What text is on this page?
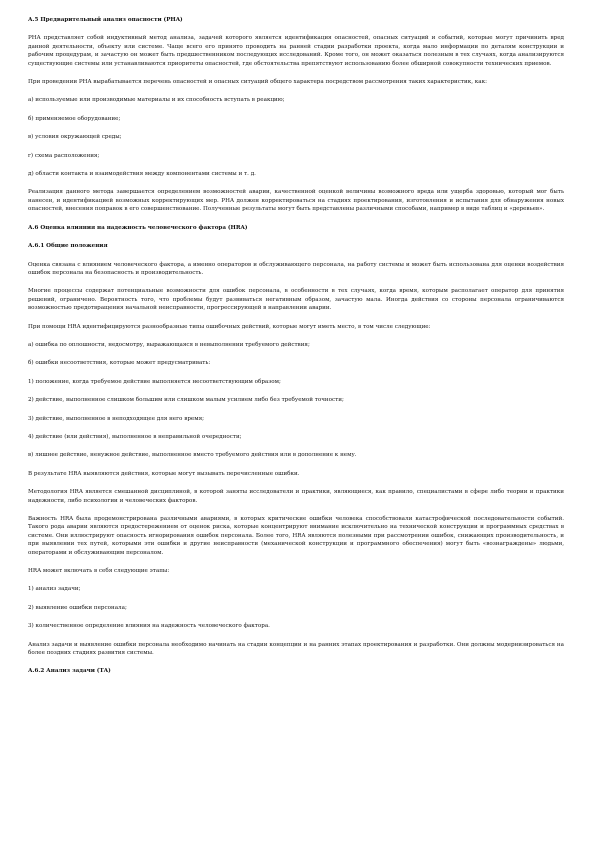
А.5 Предварительный анализ опасности (PHA)
PHA представляет собой индуктивный метод анализа, задачей которого является идентификация опасностей, опасных ситуаций и событий, которые могут причинить вред данной деятельности, объекту или системе. Чаще всего его принято проводить на ранней стадии разработки проекта, когда мало информации по деталям конструкции и рабочим процедурам, и зачастую он может быть предшественником последующих исследований. Кроме того, он может оказаться полезным в тех случаях, когда анализируются существующие системы или устанавливаются приоритеты опасностей, где обстоятельства препятствуют использованию более обширной совокупности технических приемов.
При проведении PHA вырабатывается перечень опасностей и опасных ситуаций общего характера посредством рассмотрения таких характеристик, как:
а) используемые или производимые материалы и их способность вступать в реакцию;
б) применяемое оборудование;
в) условия окружающей среды;
г) схема расположения;
д) области контакта и взаимодействия между компонентами системы и т. д.
Реализация данного метода завершается определением возможностей аварии, качественной оценкой величины возможного вреда или ущерба здоровью, который мог быть нанесен, и идентификацией возможных корректирующих мер. PHA должен корректироваться на стадиях проектирования, изготовления и испытания для обнаружения новых опасностей, внесения поправок в его совершенствование. Полученные результаты могут быть представлены различными способами, например в виде таблиц и «деревьев».
А.6 Оценка влияния на надежность человеческого фактора (HRA)
А.6.1 Общие положения
Оценка связана с влиянием человеческого фактора, а именно операторов и обслуживающего персонала, на работу системы и может быть использована для оценки воздействия ошибок персонала на безопасность и производительность.
Многие процессы содержат потенциальные возможности для ошибок персонала, в особенности в тех случаях, когда время, которым располагает оператор для принятия решений, ограничено. Вероятность того, что проблемы будут развиваться негативным образом, зачастую мала. Иногда действия со стороны персонала ограничиваются возможностью предотвращения начальной неисправности, прогрессирующей в направлении аварии.
При помощи HRA идентифицируются разнообразные типы ошибочных действий, которые могут иметь место, в том числе следующие:
а) ошибка по оплошности, недосмотру, выражающаяся в невыполнении требуемого действия;
б) ошибки несоответствия, которые может предусматривать:
1) положение, когда требуемое действие выполняется несоответствующим образом;
2) действие, выполненное слишком большим или слишком малым усилием либо без требуемой точности;
3) действие, выполненное в неподходящее для него время;
4) действие (или действия), выполненное в неправильной очередности;
в) лишнее действие, ненужное действие, выполненное вместо требуемого действия или в дополнение к нему.
В результате HRA выявляются действия, которые могут вызывать перечисленные ошибки.
Методология HRA является смешанной дисциплиной, в которой заняты исследователи и практики, являющиеся, как правило, специалистами в сфере либо теории и практики надежности, либо психологии и человеческих факторов.
Важность HRA была продемонстрирована различными авариями, в которых критические ошибки человека способствовали катастрофической последовательности событий. Такого рода аварии являются предостережением от оценок риска, которые концентрируют внимание исключительно на технической конструкции и программных средствах в системе. Они иллюстрируют опасность игнорирования ошибок персонала. Более того, HRA являются полезными при рассмотрении ошибок, снижающих производительность, и при выявлении тех путей, которыми эти ошибки и другие неисправности (механической конструкции и программного обеспечения) могут быть «вознаграждены» людьми, операторами и обслуживающим персоналом.
HRA может включать в себя следующие этапы:
1) анализ задачи;
2) выявление ошибки персонала;
3) количественное определение влияния на надежность человеческого фактора.
Анализ задачи и выявление ошибки персонала необходимо начинать на стадии концепции и на ранних этапах проектирования и разработки. Они должны модернизироваться на более поздних стадиях развития системы.
А.6.2 Анализ задачи (ТА)
